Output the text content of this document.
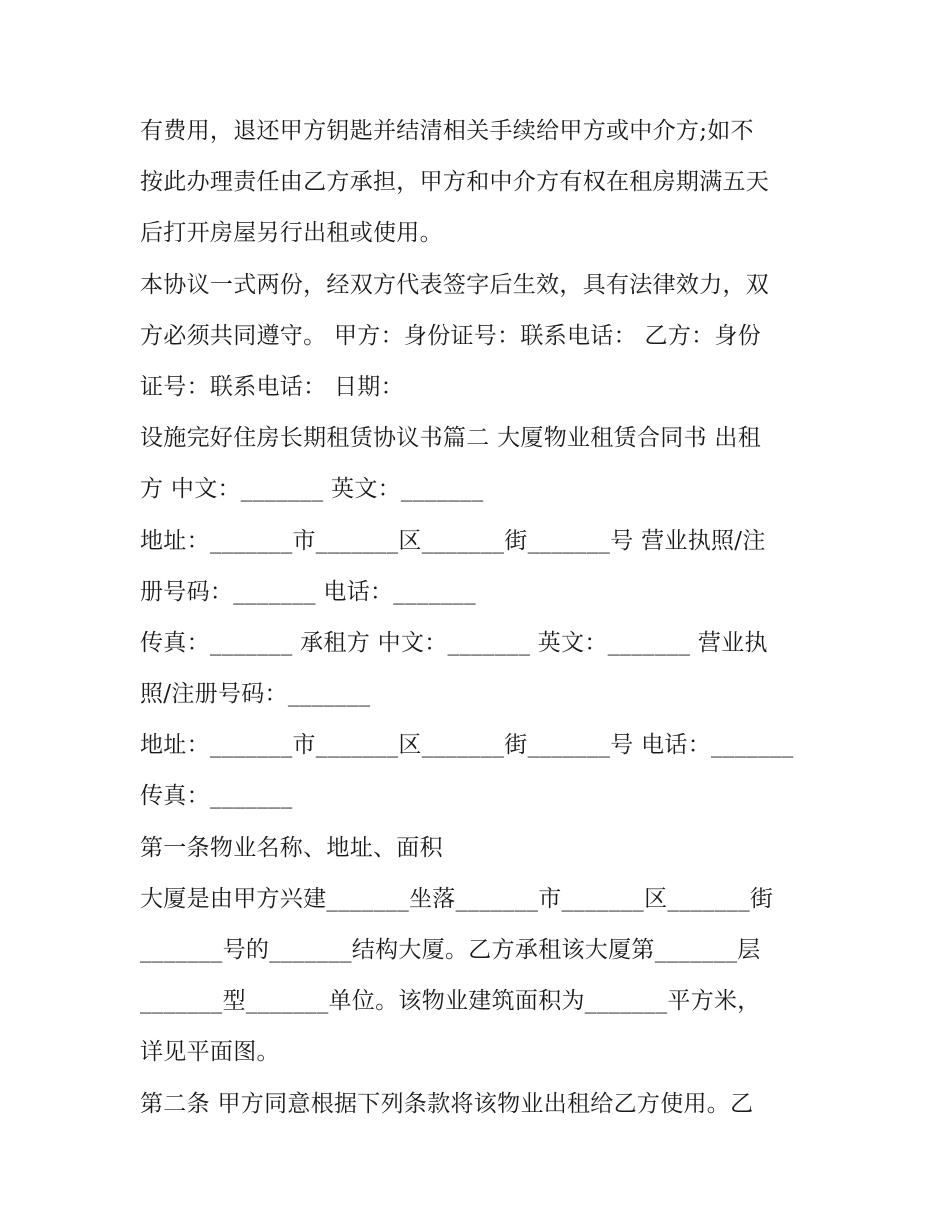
有费用，退还甲方钥匙并结清相关手续给甲方或中介方;如不
按此办理责任由乙方承担，甲方和中介方有权在租房期满五天
后打开房屋另行出租或使用。
本协议一式两份，经双方代表签字后生效，具有法律效力，双
方必须共同遵守。 甲方：身份证号：联系电话： 乙方：身份
证号：联系电话： 日期：
设施完好住房长期租赁协议书篇二 大厦物业租赁合同书 出租
方 中文：_______ 英文：_______
地址：_______市_______区_______街_______号 营业执照/注
册号码：_______ 电话：_______
传真：_______ 承租方 中文：_______ 英文：_______ 营业执
照/注册号码：_______
地址：_______市_______区_______街_______号 电话：_______
传真：_______
第一条物业名称、地址、面积
大厦是由甲方兴建_______坐落_______市_______区_______街
_______号的_______结构大厦。乙方承租该大厦第_______层
_______型_______单位。该物业建筑面积为_______平方米，
详见平面图。
第二条 甲方同意根据下列条款将该物业出租给乙方使用。乙
